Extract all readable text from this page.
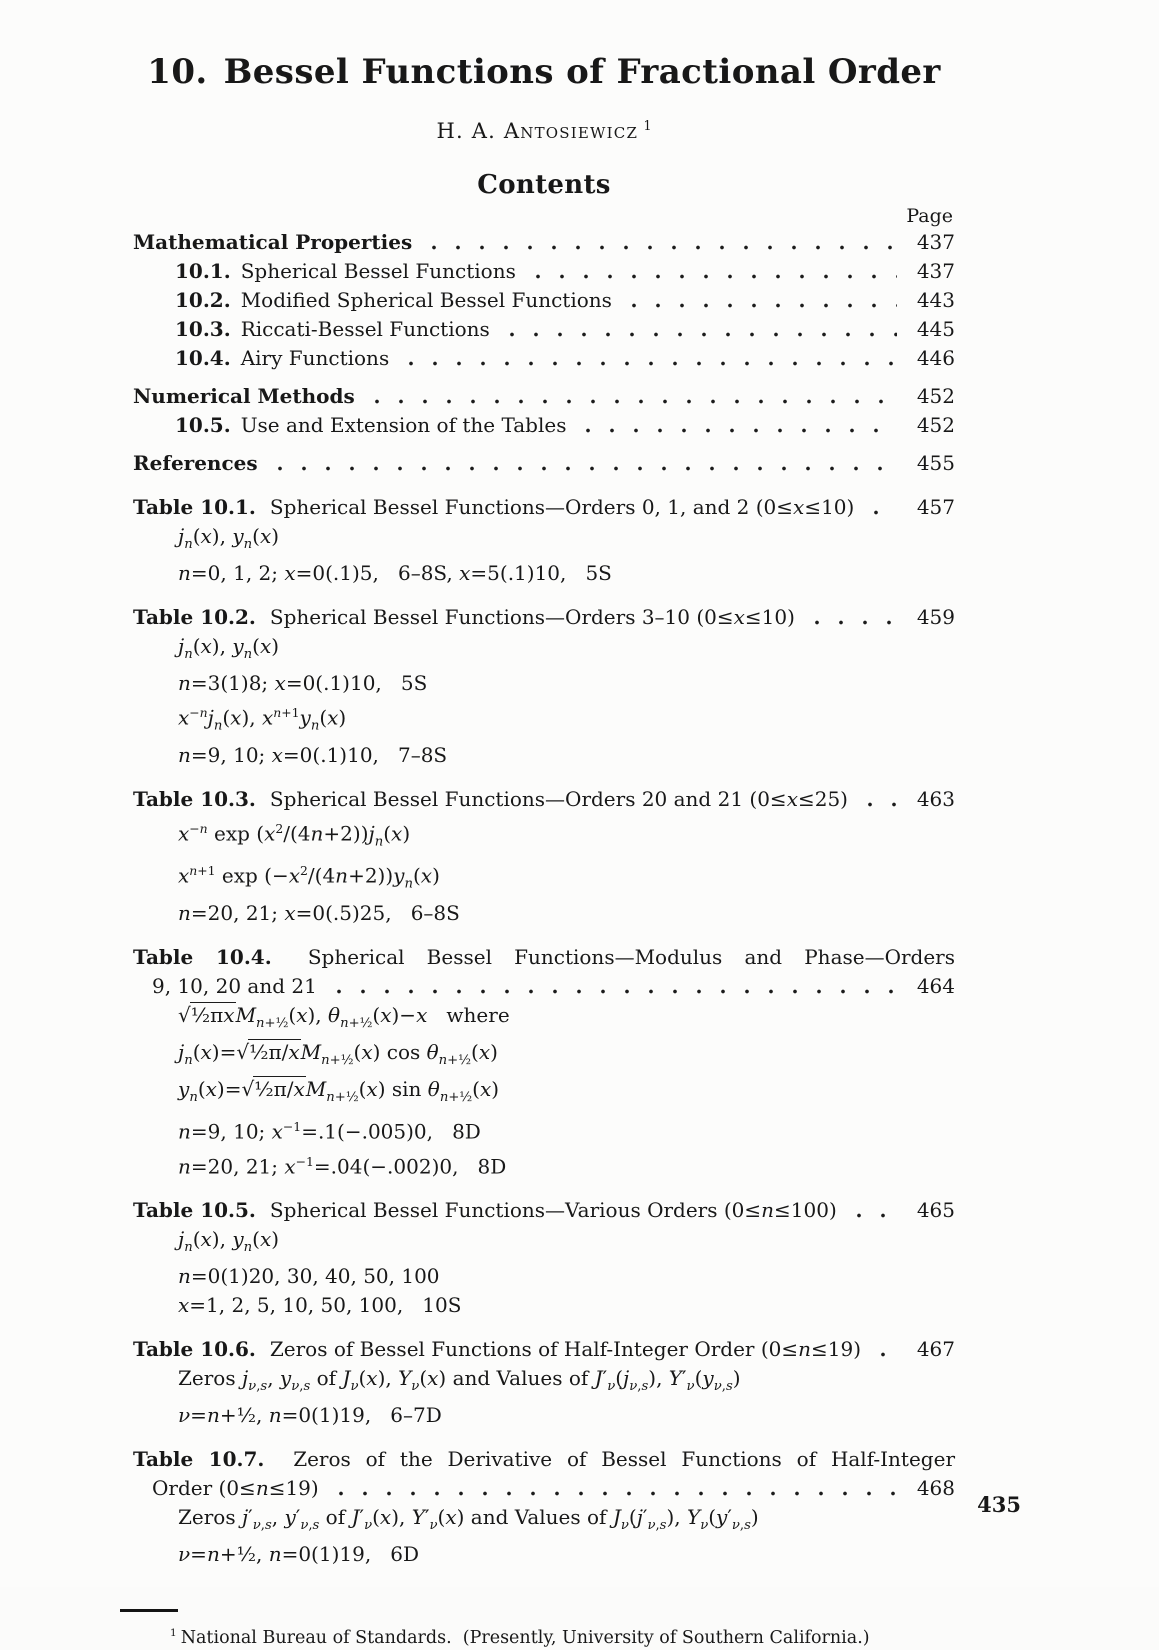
10. Bessel Functions of Fractional Order
H. A. Antosiewicz  $^1$
Contents
Page
Mathematical Properties	437
10.1. Spherical Bessel Functions	437
10.2. Modified Spherical Bessel Functions	443
10.3. Riccati-Bessel Functions	445
10.4. Airy Functions	446
Numerical Methods	452
10.5. Use and Extension of the Tables	452
References	455
Table 10.1. Spherical Bessel Functions—Orders 0, 1, and 2 (0≤x≤10)	457
$j_n(x)$, $y_n(x)$
n=0, 1, 2; x=0(.1)5,   6–8S, x=5(.1)10,   5S
Table 10.2. Spherical Bessel Functions—Orders 3–10 (0≤x≤10)	459
$j_n(x)$, $y_n(x)$
n=3(1)8; x=0(.1)10,   5S
$x^{-n}j_n(x)$, $x^{n+1}y_n(x)$
n=9, 10; x=0(.1)10,   7–8S
Table 10.3. Spherical Bessel Functions—Orders 20 and 21 (0≤x≤25)	463
$x^{-n}$ $\exp (x^2/(4n+2))j_n(x)$
$x^{n+1}$ $\exp (-x^2/(4n+2))y_n(x)$
n=20, 21; x=0(.5)25,   6–8S
Table 10.4. Spherical Bessel Functions—Modulus and Phase—Orders
9, 10, 20 and 21	464
√½πxM$_{n+\frac{1}{2}}$(x), $\theta_{n+\frac{1}{2}}(x)-x$   where
$j_n(x)=√\frac{1}{2}\pi/xM_{n+\frac{1}{2}}(x)$ $\cos \theta_{n+\frac{1}{2}}(x)$
$y_n(x)=√\frac{1}{2}\pi/xM_{n+\frac{1}{2}}(x)$ $\sin \theta_{n+\frac{1}{2}}(x)$
n=9, 10; $x^{-1}=.1(-.005)0$,   8D
n=20, 21; $x^{-1}=.04(-.002)0$,   8D
Table 10.5. Spherical Bessel Functions—Various Orders (0≤n≤100)	465
$j_n(x)$, $y_n(x)$
n=0(1)20, 30, 40, 50, 100
x=1, 2, 5, 10, 50, 100,   10S
Table 10.6. Zeros of Bessel Functions of Half-Integer Order (0≤n≤19)	467
Zeros $j_{\nu,s}$, $y_{\nu,s}$ of $J_\nu(x)$, $Y_\nu(x)$ and Values of $J'_\nu(j_{\nu,s})$, $Y'_\nu(y_{\nu,s})$
ν=n+½, n=0(1)19,   6–7D
Table 10.7. Zeros of the Derivative of Bessel Functions of Half-Integer
Order (0≤n≤19)	468
Zeros $j'_{\nu,s}$, $y'_{\nu,s}$ of $J'_\nu(x)$, $Y'_\nu(x)$ and Values of $J_\nu(j'_{\nu,s})$, $Y_\nu(y'_{\nu,s})$
ν=n+½, n=0(1)19,   6D
$^1$ National Bureau of Standards.  (Presently, University of Southern California.)
435
